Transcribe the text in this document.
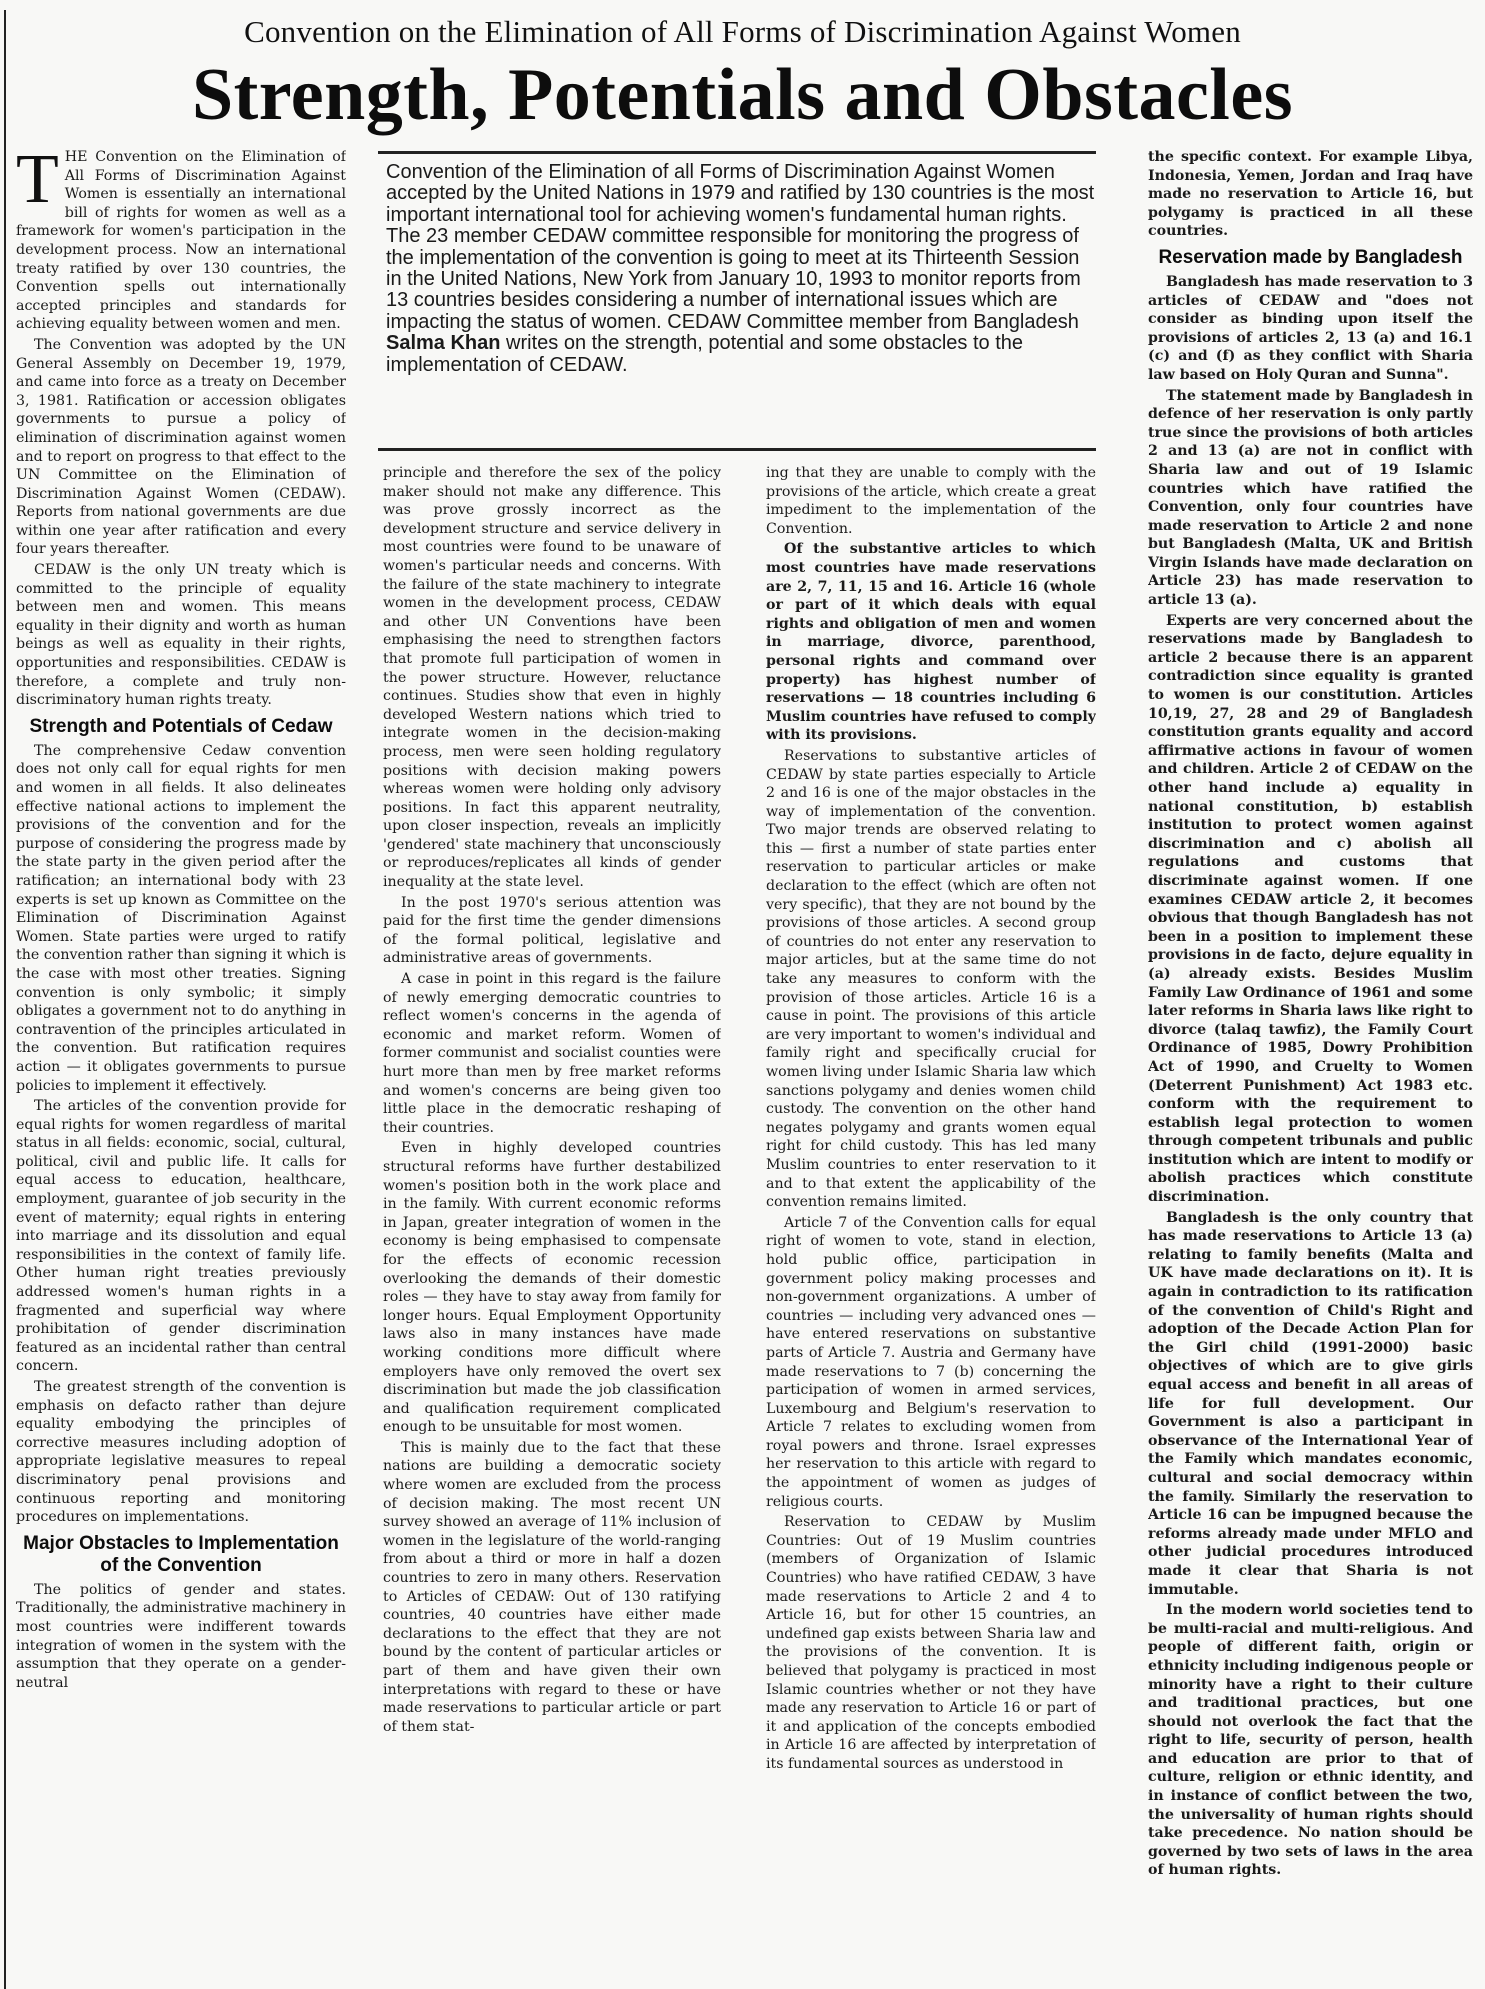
Convention on the Elimination of All Forms of Discrimination Against Women
Strength, Potentials and Obstacles

THE Convention on the Elimination of All Forms of Discrimination Against Women is essentially an international bill of rights for women as well as a framework for women's participation in the development process. Now an international treaty ratified by over 130 countries, the Convention spells out internationally accepted principles and standards for achieving equality between women and men.

The Convention was adopted by the UN General Assembly on December 19, 1979, and came into force as a treaty on December 3, 1981. Ratification or accession obligates governments to pursue a policy of elimination of discrimination against women and to report on progress to that effect to the UN Committee on the Elimination of Discrimination Against Women (CEDAW). Reports from national governments are due within one year after ratification and every four years thereafter.

CEDAW is the only UN treaty which is committed to the principle of equality between men and women. This means equality in their dignity and worth as human beings as well as equality in their rights, opportunities and responsibilities. CEDAW is therefore, a complete and truly non-discriminatory human rights treaty.

Strength and Potentials of Cedaw

The comprehensive Cedaw convention does not only call for equal rights for men and women in all fields. It also delineates effective national actions to implement the provisions of the convention and for the purpose of considering the progress made by the state party in the given period after the ratification; an international body with 23 experts is set up known as Committee on the Elimination of Discrimination Against Women. State parties were urged to ratify the convention rather than signing it which is the case with most other treaties. Signing convention is only symbolic; it simply obligates a government not to do anything in contravention of the principles articulated in the convention. But ratification requires action — it obligates governments to pursue policies to implement it effectively.

The articles of the convention provide for equal rights for women regardless of marital status in all fields: economic, social, cultural, political, civil and public life. It calls for equal access to education, healthcare, employment, guarantee of job security in the event of maternity; equal rights in entering into marriage and its dissolution and equal responsibilities in the context of family life. Other human right treaties previously addressed women's human rights in a fragmented and superficial way where prohibitation of gender discrimination featured as an incidental rather than central concern.

The greatest strength of the convention is emphasis on defacto rather than dejure equality embodying the principles of corrective measures including adoption of appropriate legislative measures to repeal discriminatory penal provisions and continuous reporting and monitoring procedures on implementations.

Major Obstacles to Implementation of the Convention

The politics of gender and states. Traditionally, the administrative machinery in most countries were indifferent towards integration of women in the system with the assumption that they operate on a gender-neutral

Convention of the Elimination of all Forms of Discrimination Against Women accepted by the United Nations in 1979 and ratified by 130 countries is the most important international tool for achieving women's fundamental human rights. The 23 member CEDAW committee responsible for monitoring the progress of the implementation of the convention is going to meet at its Thirteenth Session in the United Nations, New York from January 10, 1993 to monitor reports from 13 countries besides considering a number of international issues which are impacting the status of women. CEDAW Committee member from Bangladesh Salma Khan writes on the strength, potential and some obstacles to the implementation of CEDAW.

principle and therefore the sex of the policy maker should not make any difference. This was prove grossly incorrect as the development structure and service delivery in most countries were found to be unaware of women's particular needs and concerns. With the failure of the state machinery to integrate women in the development process, CEDAW and other UN Conventions have been emphasising the need to strengthen factors that promote full participation of women in the power structure. However, reluctance continues. Studies show that even in highly developed Western nations which tried to integrate women in the decision-making process, men were seen holding regulatory positions with decision making powers whereas women were holding only advisory positions. In fact this apparent neutrality, upon closer inspection, reveals an implicitly 'gendered' state machinery that unconsciously or reproduces/replicates all kinds of gender inequality at the state level.

In the post 1970's serious attention was paid for the first time the gender dimensions of the formal political, legislative and administrative areas of governments.

A case in point in this regard is the failure of newly emerging democratic countries to reflect women's concerns in the agenda of economic and market reform. Women of former communist and socialist counties were hurt more than men by free market reforms and women's concerns are being given too little place in the democratic reshaping of their countries.

Even in highly developed countries structural reforms have further destabilized women's position both in the work place and in the family. With current economic reforms in Japan, greater integration of women in the economy is being emphasised to compensate for the effects of economic recession overlooking the demands of their domestic roles — they have to stay away from family for longer hours. Equal Employment Opportunity laws also in many instances have made working conditions more difficult where employers have only removed the overt sex discrimination but made the job classification and qualification requirement complicated enough to be unsuitable for most women.

This is mainly due to the fact that these nations are building a democratic society where women are excluded from the process of decision making. The most recent UN survey showed an average of 11% inclusion of women in the legislature of the world-ranging from about a third or more in half a dozen countries to zero in many others. Reservation to Articles of CEDAW: Out of 130 ratifying countries, 40 countries have either made declarations to the effect that they are not bound by the content of particular articles or part of them and have given their own interpretations with regard to these or have made reservations to particular article or part of them stat-

ing that they are unable to comply with the provisions of the article, which create a great impediment to the implementation of the Convention.

Of the substantive articles to which most countries have made reservations are 2, 7, 11, 15 and 16. Article 16 (whole or part of it which deals with equal rights and obligation of men and women in marriage, divorce, parenthood, personal rights and command over property) has highest number of reservations — 18 countries including 6 Muslim countries have refused to comply with its provisions.

Reservations to substantive articles of CEDAW by state parties especially to Article 2 and 16 is one of the major obstacles in the way of implementation of the convention. Two major trends are observed relating to this — first a number of state parties enter reservation to particular articles or make declaration to the effect (which are often not very specific), that they are not bound by the provisions of those articles. A second group of countries do not enter any reservation to major articles, but at the same time do not take any measures to conform with the provision of those articles. Article 16 is a cause in point. The provisions of this article are very important to women's individual and family right and specifically crucial for women living under Islamic Sharia law which sanctions polygamy and denies women child custody. The convention on the other hand negates polygamy and grants women equal right for child custody. This has led many Muslim countries to enter reservation to it and to that extent the applicability of the convention remains limited.

Article 7 of the Convention calls for equal right of women to vote, stand in election, hold public office, participation in government policy making processes and non-government organizations. A umber of countries — including very advanced ones — have entered reservations on substantive parts of Article 7. Austria and Germany have made reservations to 7 (b) concerning the participation of women in armed services, Luxembourg and Belgium's reservation to Article 7 relates to excluding women from royal powers and throne. Israel expresses her reservation to this article with regard to the appointment of women as judges of religious courts.

Reservation to CEDAW by Muslim Countries: Out of 19 Muslim countries (members of Organization of Islamic Countries) who have ratified CEDAW, 3 have made reservations to Article 2 and 4 to Article 16, but for other 15 countries, an undefined gap exists between Sharia law and the provisions of the convention. It is believed that polygamy is practiced in most Islamic countries whether or not they have made any reservation to Article 16 or part of it and application of the concepts embodied in Article 16 are affected by interpretation of its fundamental sources as understood in

the specific context. For example Libya, Indonesia, Yemen, Jordan and Iraq have made no reservation to Article 16, but polygamy is practiced in all these countries.

Reservation made by Bangladesh

Bangladesh has made reservation to 3 articles of CEDAW and "does not consider as binding upon itself the provisions of articles 2, 13 (a) and 16.1 (c) and (f) as they conflict with Sharia law based on Holy Quran and Sunna".

The statement made by Bangladesh in defence of her reservation is only partly true since the provisions of both articles 2 and 13 (a) are not in conflict with Sharia law and out of 19 Islamic countries which have ratified the Convention, only four countries have made reservation to Article 2 and none but Bangladesh (Malta, UK and British Virgin Islands have made declaration on Article 23) has made reservation to article 13 (a).

Experts are very concerned about the reservations made by Bangladesh to article 2 because there is an apparent contradiction since equality is granted to women is our constitution. Articles 10,19, 27, 28 and 29 of Bangladesh constitution grants equality and accord affirmative actions in favour of women and children. Article 2 of CEDAW on the other hand include a) equality in national constitution, b) establish institution to protect women against discrimination and c) abolish all regulations and customs that discriminate against women. If one examines CEDAW article 2, it becomes obvious that though Bangladesh has not been in a position to implement these provisions in de facto, dejure equality in (a) already exists. Besides Muslim Family Law Ordinance of 1961 and some later reforms in Sharia laws like right to divorce (talaq tawfiz), the Family Court Ordinance of 1985, Dowry Prohibition Act of 1990, and Cruelty to Women (Deterrent Punishment) Act 1983 etc. conform with the requirement to establish legal protection to women through competent tribunals and public institution which are intent to modify or abolish practices which constitute discrimination.

Bangladesh is the only country that has made reservations to Article 13 (a) relating to family benefits (Malta and UK have made declarations on it). It is again in contradiction to its ratification of the convention of Child's Right and adoption of the Decade Action Plan for the Girl child (1991-2000) basic objectives of which are to give girls equal access and benefit in all areas of life for full development. Our Government is also a participant in observance of the International Year of the Family which mandates economic, cultural and social democracy within the family. Similarly the reservation to Article 16 can be impugned because the reforms already made under MFLO and other judicial procedures introduced made it clear that Sharia is not immutable.

In the modern world societies tend to be multi-racial and multi-religious. And people of different faith, origin or ethnicity including indigenous people or minority have a right to their culture and traditional practices, but one should not overlook the fact that the right to life, security of person, health and education are prior to that of culture, religion or ethnic identity, and in instance of conflict between the two, the universality of human rights should take precedence. No nation should be governed by two sets of laws in the area of human rights.
